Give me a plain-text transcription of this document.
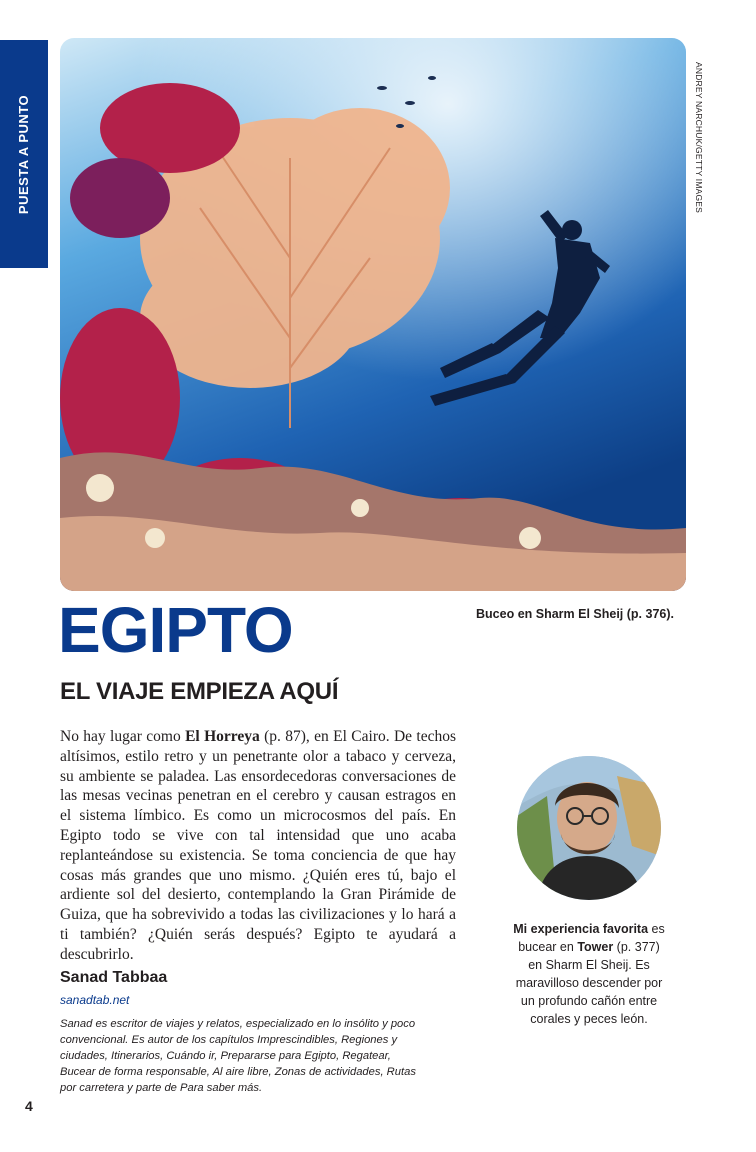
PUESTA A PUNTO	ANDREY NARCHUK/GETTY IMAGES
Buceo en Sharm El Sheij (p. 376).
EGIPTO
EL VIAJE EMPIEZA AQUÍ

No hay lugar como El Horreya (p. 87), en El Cairo. De techos altísimos, estilo retro y un penetrante olor a tabaco y cerveza, su ambiente se paladea. Las ensordecedoras conversaciones de las mesas vecinas penetran en el cerebro y causan estragos en el sistema límbico. Es como un microcosmos del país. En Egipto todo se vive con tal intensidad que uno acaba replanteándose su existencia. Se toma conciencia de que hay cosas más grandes que uno mismo. ¿Quién eres tú, bajo el ardiente sol del desierto, contemplando la Gran Pirámide de Guiza, que ha sobrevivido a todas las civilizaciones y lo hará a ti también? ¿Quién serás después? Egipto te ayudará a descubrirlo.

Sanad Tabbaa

sanadtab.net

Sanad es escritor de viajes y relatos, especializado en lo insólito y poco convencional. Es autor de los capítulos Imprescindibles, Regiones y ciudades, Itinerarios, Cuándo ir, Prepararse para Egipto, Regatear, Bucear de forma responsable, Al aire libre, Zonas de actividades, Rutas por carretera y parte de Para saber más.

Mi experiencia favorita es bucear en Tower (p. 377) en Sharm El Sheij. Es maravilloso descender por un profundo cañón entre corales y peces león.

4
